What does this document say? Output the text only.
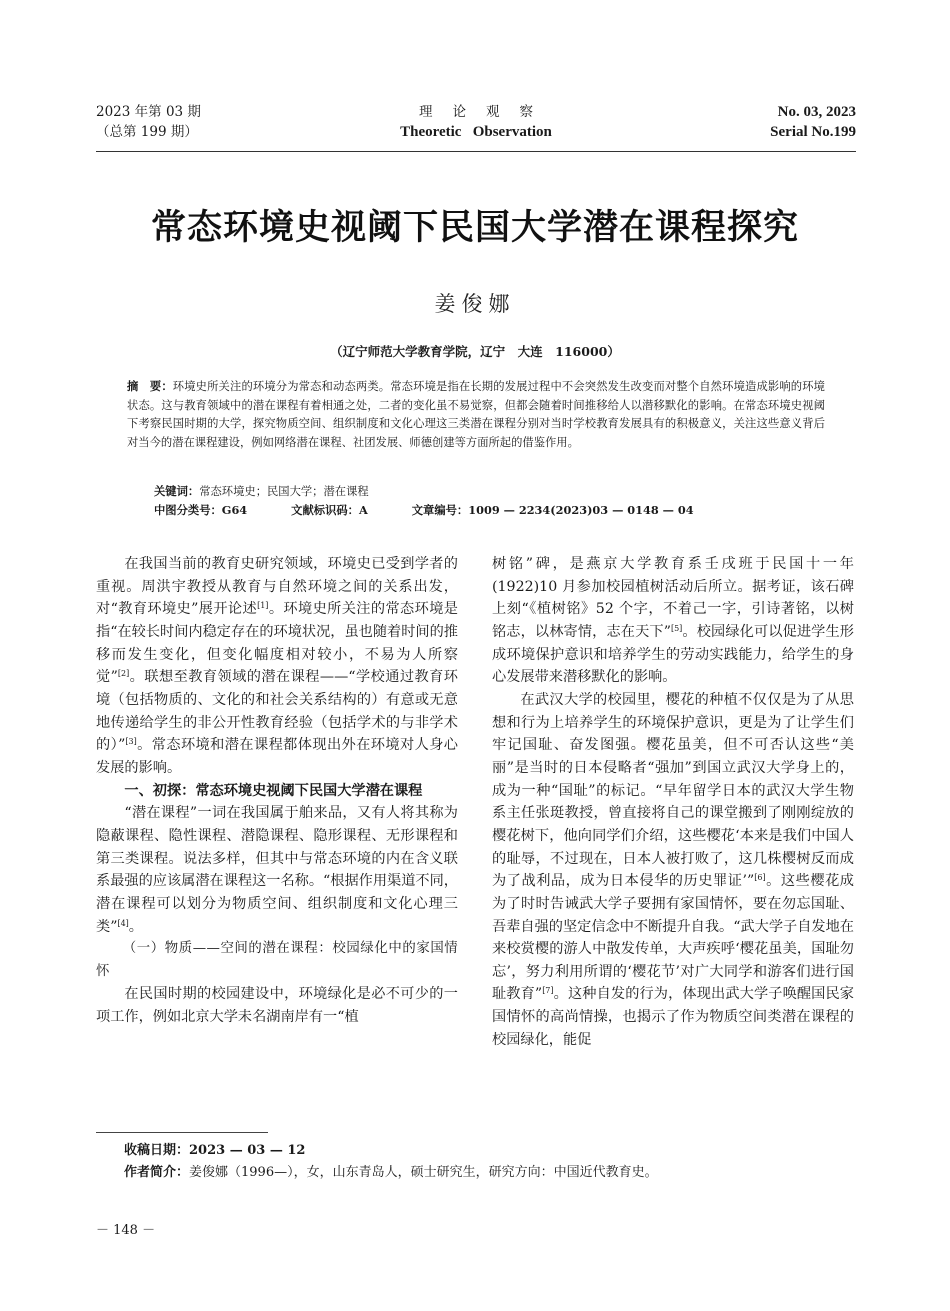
2023 年第 03 期
（总第 199 期）
理论观察
Theoretic   Observation
No. 03, 2023
Serial No.199
常态环境史视阈下民国大学潜在课程探究
姜俊娜
（辽宁师范大学教育学院，辽宁　大连　116000）
摘　要：环境史所关注的环境分为常态和动态两类。常态环境是指在长期的发展过程中不会突然发生改变而对整个自然环境造成影响的环境状态。这与教育领域中的潜在课程有着相通之处，二者的变化虽不易觉察，但都会随着时间推移给人以潜移默化的影响。在常态环境史视阈下考察民国时期的大学，探究物质空间、组织制度和文化心理这三类潜在课程分别对当时学校教育发展具有的积极意义，关注这些意义背后对当今的潜在课程建设，例如网络潜在课程、社团发展、师德创建等方面所起的借鉴作用。
关键词：常态环境史；民国大学；潜在课程
中图分类号：G64	文献标识码：A	文章编号：1009 — 2234(2023)03 — 0148 — 04

在我国当前的教育史研究领域，环境史已受到学者的重视。周洪宇教授从教育与自然环境之间的关系出发，对“教育环境史”展开论述[1]。环境史所关注的常态环境是指“在较长时间内稳定存在的环境状况，虽也随着时间的推移而发生变化，但变化幅度相对较小，不易为人所察觉”[2]。联想至教育领域的潜在课程——“学校通过教育环境（包括物质的、文化的和社会关系结构的）有意或无意地传递给学生的非公开性教育经验（包括学术的与非学术的）”[3]。常态环境和潜在课程都体现出外在环境对人身心发展的影响。

一、初探：常态环境史视阈下民国大学潜在课程

“潜在课程”一词在我国属于舶来品，又有人将其称为隐蔽课程、隐性课程、潜隐课程、隐形课程、无形课程和第三类课程。说法多样，但其中与常态环境的内在含义联系最强的应该属潜在课程这一名称。“根据作用渠道不同，潜在课程可以划分为物质空间、组织制度和文化心理三类”[4]。

（一）物质——空间的潜在课程：校园绿化中的家国情怀

在民国时期的校园建设中，环境绿化是必不可少的一项工作，例如北京大学未名湖南岸有一“植

树铭”碑，是燕京大学教育系壬戌班于民国十一年(1922)10 月参加校园植树活动后所立。据考证，该石碑上刻“《植树铭》52 个字，不着己一字，引诗著铭，以树铭志，以林寄情，志在天下”[5]。校园绿化可以促进学生形成环境保护意识和培养学生的劳动实践能力，给学生的身心发展带来潜移默化的影响。

在武汉大学的校园里，樱花的种植不仅仅是为了从思想和行为上培养学生的环境保护意识，更是为了让学生们牢记国耻、奋发图强。樱花虽美，但不可否认这些“美丽”是当时的日本侵略者“强加”到国立武汉大学身上的，成为一种“国耻”的标记。“早年留学日本的武汉大学生物系主任张珽教授，曾直接将自己的课堂搬到了刚刚绽放的樱花树下，他向同学们介绍，这些樱花‘本来是我们中国人的耻辱，不过现在，日本人被打败了，这几株樱树反而成为了战利品，成为日本侵华的历史罪证’”[6]。这些樱花成为了时时告诫武大学子要拥有家国情怀，要在勿忘国耻、吾辈自强的坚定信念中不断提升自我。“武大学子自发地在来校赏樱的游人中散发传单，大声疾呼‘樱花虽美，国耻勿忘’，努力利用所谓的‘樱花节’对广大同学和游客们进行国耻教育”[7]。这种自发的行为，体现出武大学子唤醒国民家国情怀的高尚情操，也揭示了作为物质空间类潜在课程的校园绿化，能促

收稿日期：2023 — 03 — 12
作者简介：姜俊娜（1996—），女，山东青岛人，硕士研究生，研究方向：中国近代教育史。
－ 148 －
